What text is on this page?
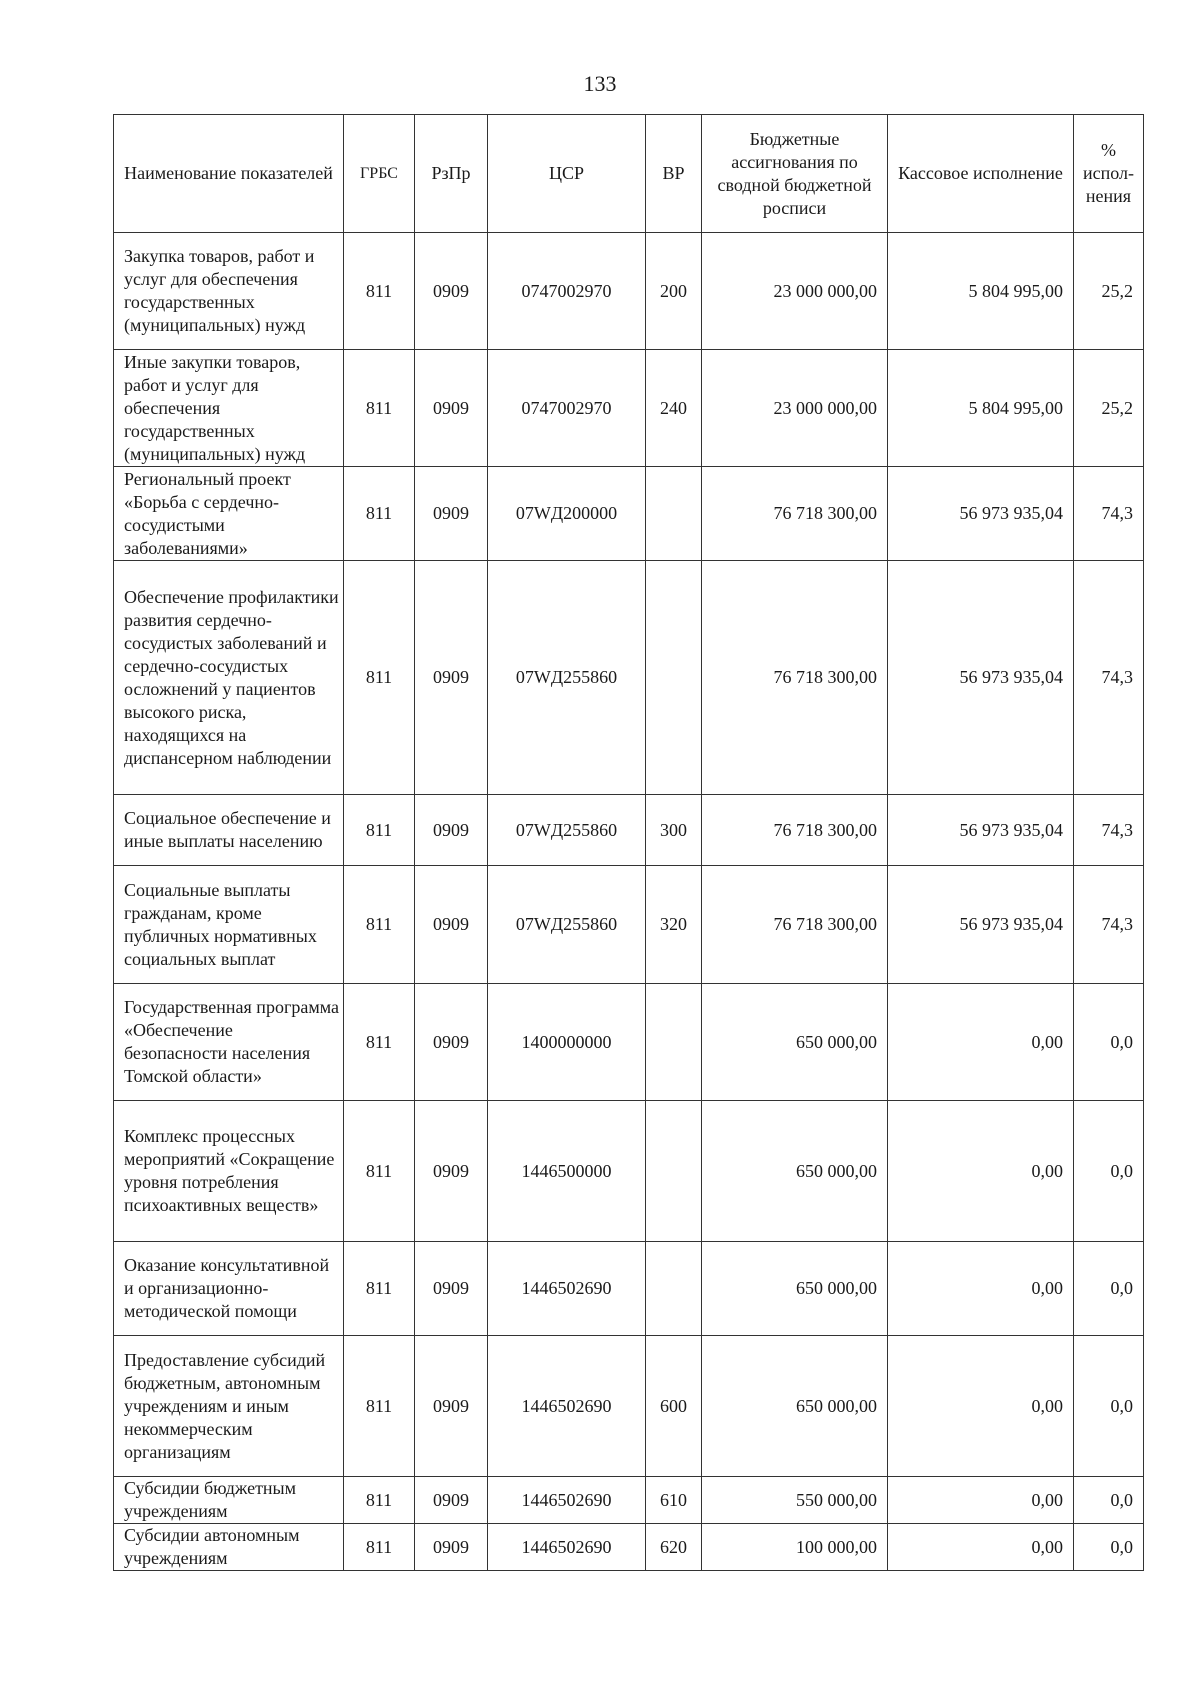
133
Наименование показателей	ГРБС	РзПр	ЦСР	ВР	Бюджетные ассигнования по сводной бюджетной росписи	Кассовое исполнение	% испол-нения
Закупка товаров, работ и услуг для обеспечения государственных (муниципальных) нужд	811	0909	0747002970	200	23 000 000,00	5 804 995,00	25,2
Иные закупки товаров, работ и услуг для обеспечения государственных (муниципальных) нужд	811	0909	0747002970	240	23 000 000,00	5 804 995,00	25,2
Региональный проект «Борьба с сердечно-сосудистыми заболеваниями»	811	0909	07WД200000		76 718 300,00	56 973 935,04	74,3
Обеспечение профилактики развития сердечно-сосудистых заболеваний и сердечно-сосудистых осложнений у пациентов высокого риска, находящихся на диспансерном наблюдении	811	0909	07WД255860		76 718 300,00	56 973 935,04	74,3
Социальное обеспечение и иные выплаты населению	811	0909	07WД255860	300	76 718 300,00	56 973 935,04	74,3
Социальные выплаты гражданам, кроме публичных нормативных социальных выплат	811	0909	07WД255860	320	76 718 300,00	56 973 935,04	74,3
Государственная программа «Обеспечение безопасности населения Томской области»	811	0909	1400000000		650 000,00	0,00	0,0
Комплекс процессных мероприятий «Сокращение уровня потребления психоактивных веществ»	811	0909	1446500000		650 000,00	0,00	0,0
Оказание консультативной и организационно-методической помощи	811	0909	1446502690		650 000,00	0,00	0,0
Предоставление субсидий бюджетным, автономным учреждениям и иным некоммерческим организациям	811	0909	1446502690	600	650 000,00	0,00	0,0
Субсидии бюджетным учреждениям	811	0909	1446502690	610	550 000,00	0,00	0,0
Субсидии автономным учреждениям	811	0909	1446502690	620	100 000,00	0,00	0,0
